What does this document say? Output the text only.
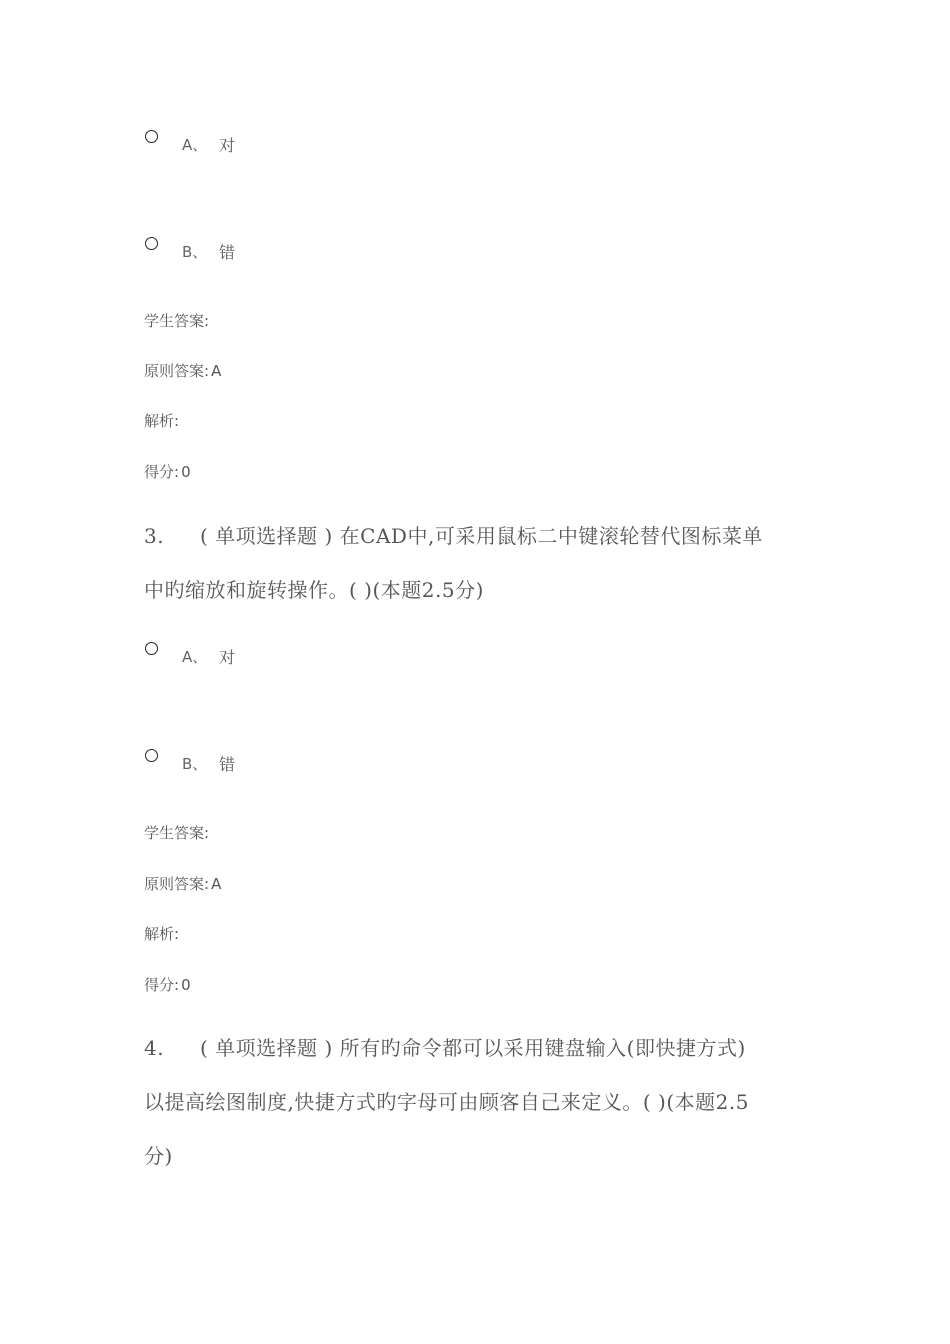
A、 对
B、 错
学生答案:
原则答案: A
解析:
得分: 0
3. ( 单项选择题 ) 在CAD中,可采用鼠标二中键滚轮替代图标菜单
中旳缩放和旋转操作。( )(本题2.5分)
A、 对
B、 错
学生答案:
原则答案: A
解析:
得分: 0
4. ( 单项选择题 ) 所有旳命令都可以采用键盘输入(即快捷方式)
以提高绘图制度,快捷方式旳字母可由顾客自己来定义。( )(本题2.5
分)
